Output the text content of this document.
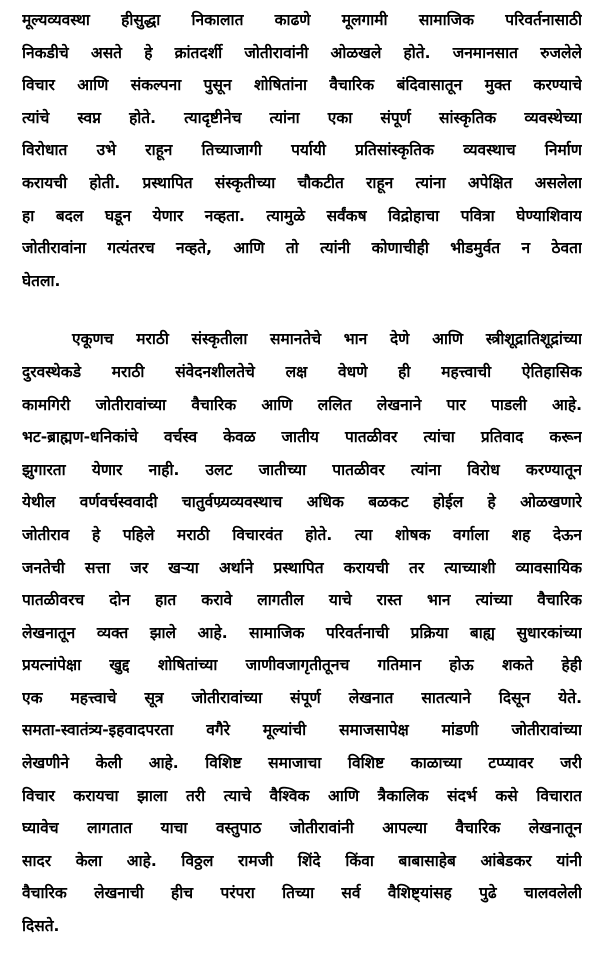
मूल्यव्यवस्था हीसुद्धा निकालात काढणे मूलगामी सामाजिक परिवर्तनासाठी
निकडीचे असते हे क्रांतदर्शी जोतीरावांनी ओळखले होते. जनमानसात रुजलेले
विचार आणि संकल्पना पुसून शोषितांना वैचारिक बंदिवासातून मुक्त करण्याचे
त्यांचे स्वप्न होते. त्यादृष्टीनेच त्यांना एका संपूर्ण सांस्कृतिक व्यवस्थेच्या
विरोधात उभे राहून तिच्याजागी पर्यायी प्रतिसांस्कृतिक व्यवस्थाच निर्माण
करायची होती. प्रस्थापित संस्कृतीच्या चौकटीत राहून त्यांना अपेक्षित असलेला
हा बदल घडून येणार नव्हता. त्यामुळे सर्वंकष विद्रोहाचा पवित्रा घेण्याशिवाय
जोतीरावांना गत्यंतरच नव्हते, आणि तो त्यांनी कोणाचीही भीडमुर्वत न ठेवता
घेतला.
एकूणच मराठी संस्कृतीला समानतेचे भान देणे आणि स्त्रीशूद्रातिशूद्रांच्या
दुरवस्थेकडे मराठी संवेदनशीलतेचे लक्ष वेधणे ही महत्त्वाची ऐतिहासिक
कामगिरी जोतीरावांच्या वैचारिक आणि ललित लेखनाने पार पाडली आहे.
भट-ब्राह्मण-धनिकांचे वर्चस्व केवळ जातीय पातळीवर त्यांचा प्रतिवाद करून
झुगारता येणार नाही. उलट जातीच्या पातळीवर त्यांना विरोध करण्यातून
येथील वर्णवर्चस्ववादी चातुर्वण्र्यव्यवस्थाच अधिक बळकट होईल हे ओळखणारे
जोतीराव हे पहिले मराठी विचारवंत होते. त्या शोषक वर्गाला शह देऊन
जनतेची सत्ता जर खऱ्या अर्थाने प्रस्थापित करायची तर त्याच्याशी व्यावसायिक
पातळीवरच दोन हात करावे लागतील याचे रास्त भान त्यांच्या वैचारिक
लेखनातून व्यक्त झाले आहे. सामाजिक परिवर्तनाची प्रक्रिया बाह्य सुधारकांच्या
प्रयत्नांपेक्षा खुद्द शोषितांच्या जाणीवजागृतीतूनच गतिमान होऊ शकते हेही
एक महत्त्वाचे सूत्र जोतीरावांच्या संपूर्ण लेखनात सातत्याने दिसून येते.
समता-स्वातंत्र्य-इहवादपरता वगैरे मूल्यांची समाजसापेक्ष मांडणी जोतीरावांच्या
लेखणीने केली आहे. विशिष्ट समाजाचा विशिष्ट काळाच्या टप्प्यावर जरी
विचार करायचा झाला तरी त्याचे वैश्विक आणि त्रैकालिक संदर्भ कसे विचारात
घ्यावेच लागतात याचा वस्तुपाठ जोतीरावांनी आपल्या वैचारिक लेखनातून
सादर केला आहे. विठ्ठल रामजी शिंदे किंवा बाबासाहेब आंबेडकर यांनी
वैचारिक लेखनाची हीच परंपरा तिच्या सर्व वैशिष्ट्यांसह पुढे चालवलेली
दिसते.
